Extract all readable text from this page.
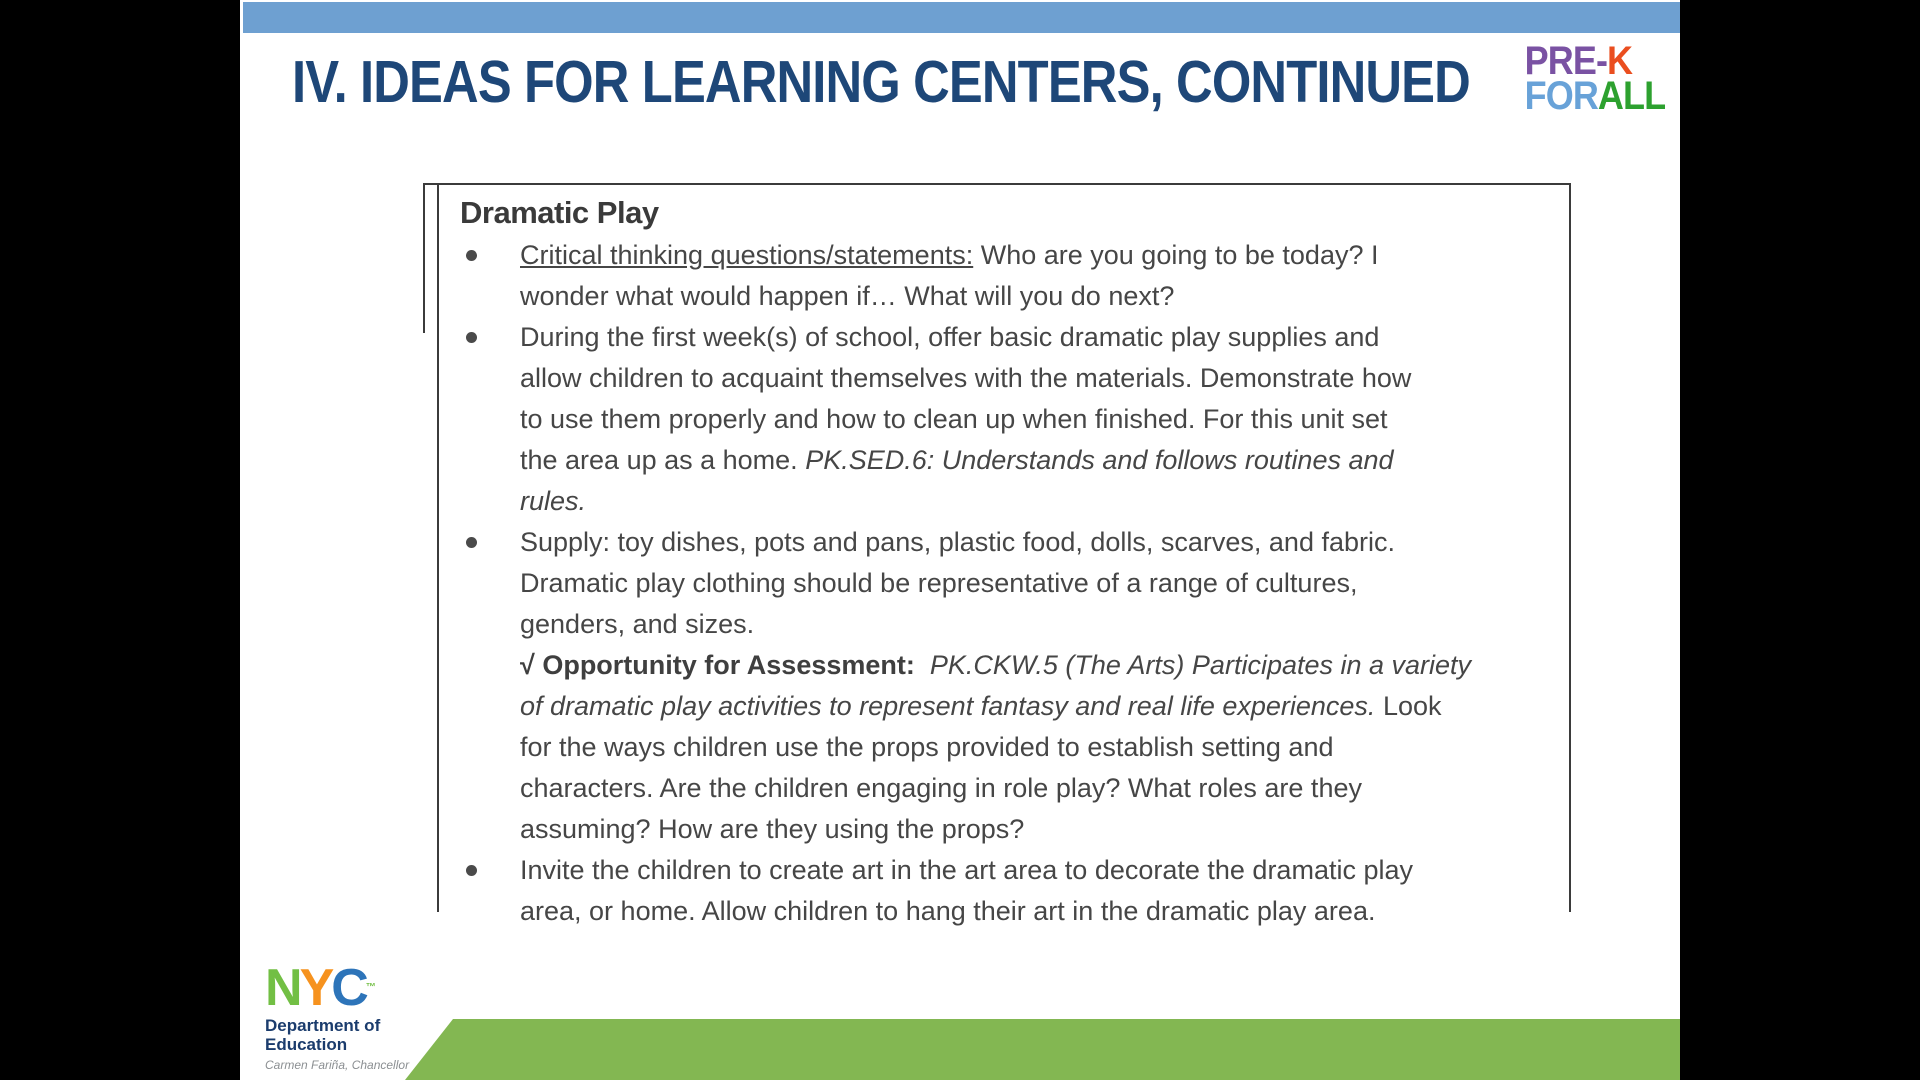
IV. IDEAS FOR LEARNING CENTERS, CONTINUED PRE-K
FORALL
Dramatic Play
Critical thinking questions/statements: Who are you going to be today? I
wonder what would happen if… What will you do next?
During the first week(s) of school, offer basic dramatic play supplies and
allow children to acquaint themselves with the materials. Demonstrate how
to use them properly and how to clean up when finished. For this unit set
the area up as a home. PK.SED.6: Understands and follows routines and
rules.
Supply: toy dishes, pots and pans, plastic food, dolls, scarves, and fabric.
Dramatic play clothing should be representative of a range of cultures,
genders, and sizes.
√ Opportunity for Assessment: PK.CKW.5 (The Arts) Participates in a variety
of dramatic play activities to represent fantasy and real life experiences. Look
for the ways children use the props provided to establish setting and
characters. Are the children engaging in role play? What roles are they
assuming? How are they using the props?
Invite the children to create art in the art area to decorate the dramatic play
area, or home. Allow children to hang their art in the dramatic play area.
NYC™
Department of
Education
Carmen Fariña, Chancellor
